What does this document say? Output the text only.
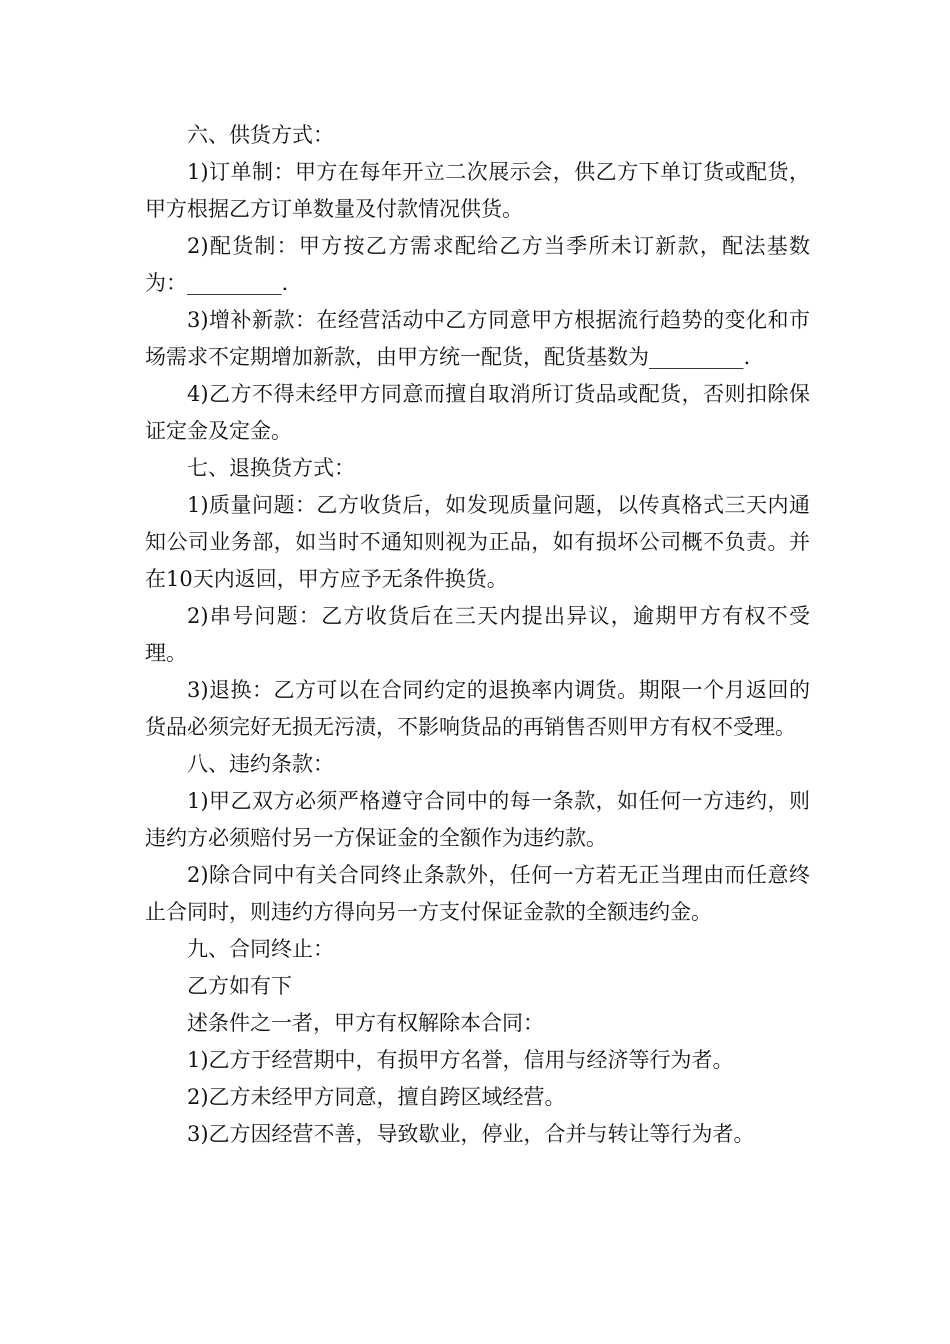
六、供货方式：

1)订单制：甲方在每年开立二次展示会，供乙方下单订货或配货，甲方根据乙方订单数量及付款情况供货。

2)配货制：甲方按乙方需求配给乙方当季所未订新款，配法基数为：_________.

3)增补新款：在经营活动中乙方同意甲方根据流行趋势的变化和市场需求不定期增加新款，由甲方统一配货，配货基数为_________.

4)乙方不得未经甲方同意而擅自取消所订货品或配货，否则扣除保证定金及定金。

七、退换货方式：

1)质量问题：乙方收货后，如发现质量问题，以传真格式三天内通知公司业务部，如当时不通知则视为正品，如有损坏公司概不负责。并在10天内返回，甲方应予无条件换货。

2)串号问题：乙方收货后在三天内提出异议，逾期甲方有权不受理。

3)退换：乙方可以在合同约定的退换率内调货。期限一个月返回的货品必须完好无损无污渍，不影响货品的再销售否则甲方有权不受理。

八、违约条款：

1)甲乙双方必须严格遵守合同中的每一条款，如任何一方违约，则违约方必须赔付另一方保证金的全额作为违约款。

2)除合同中有关合同终止条款外，任何一方若无正当理由而任意终止合同时，则违约方得向另一方支付保证金款的全额违约金。

九、合同终止：

乙方如有下

述条件之一者，甲方有权解除本合同：

1)乙方于经营期中，有损甲方名誉，信用与经济等行为者。

2)乙方未经甲方同意，擅自跨区域经营。

3)乙方因经营不善，导致歇业，停业，合并与转让等行为者。
